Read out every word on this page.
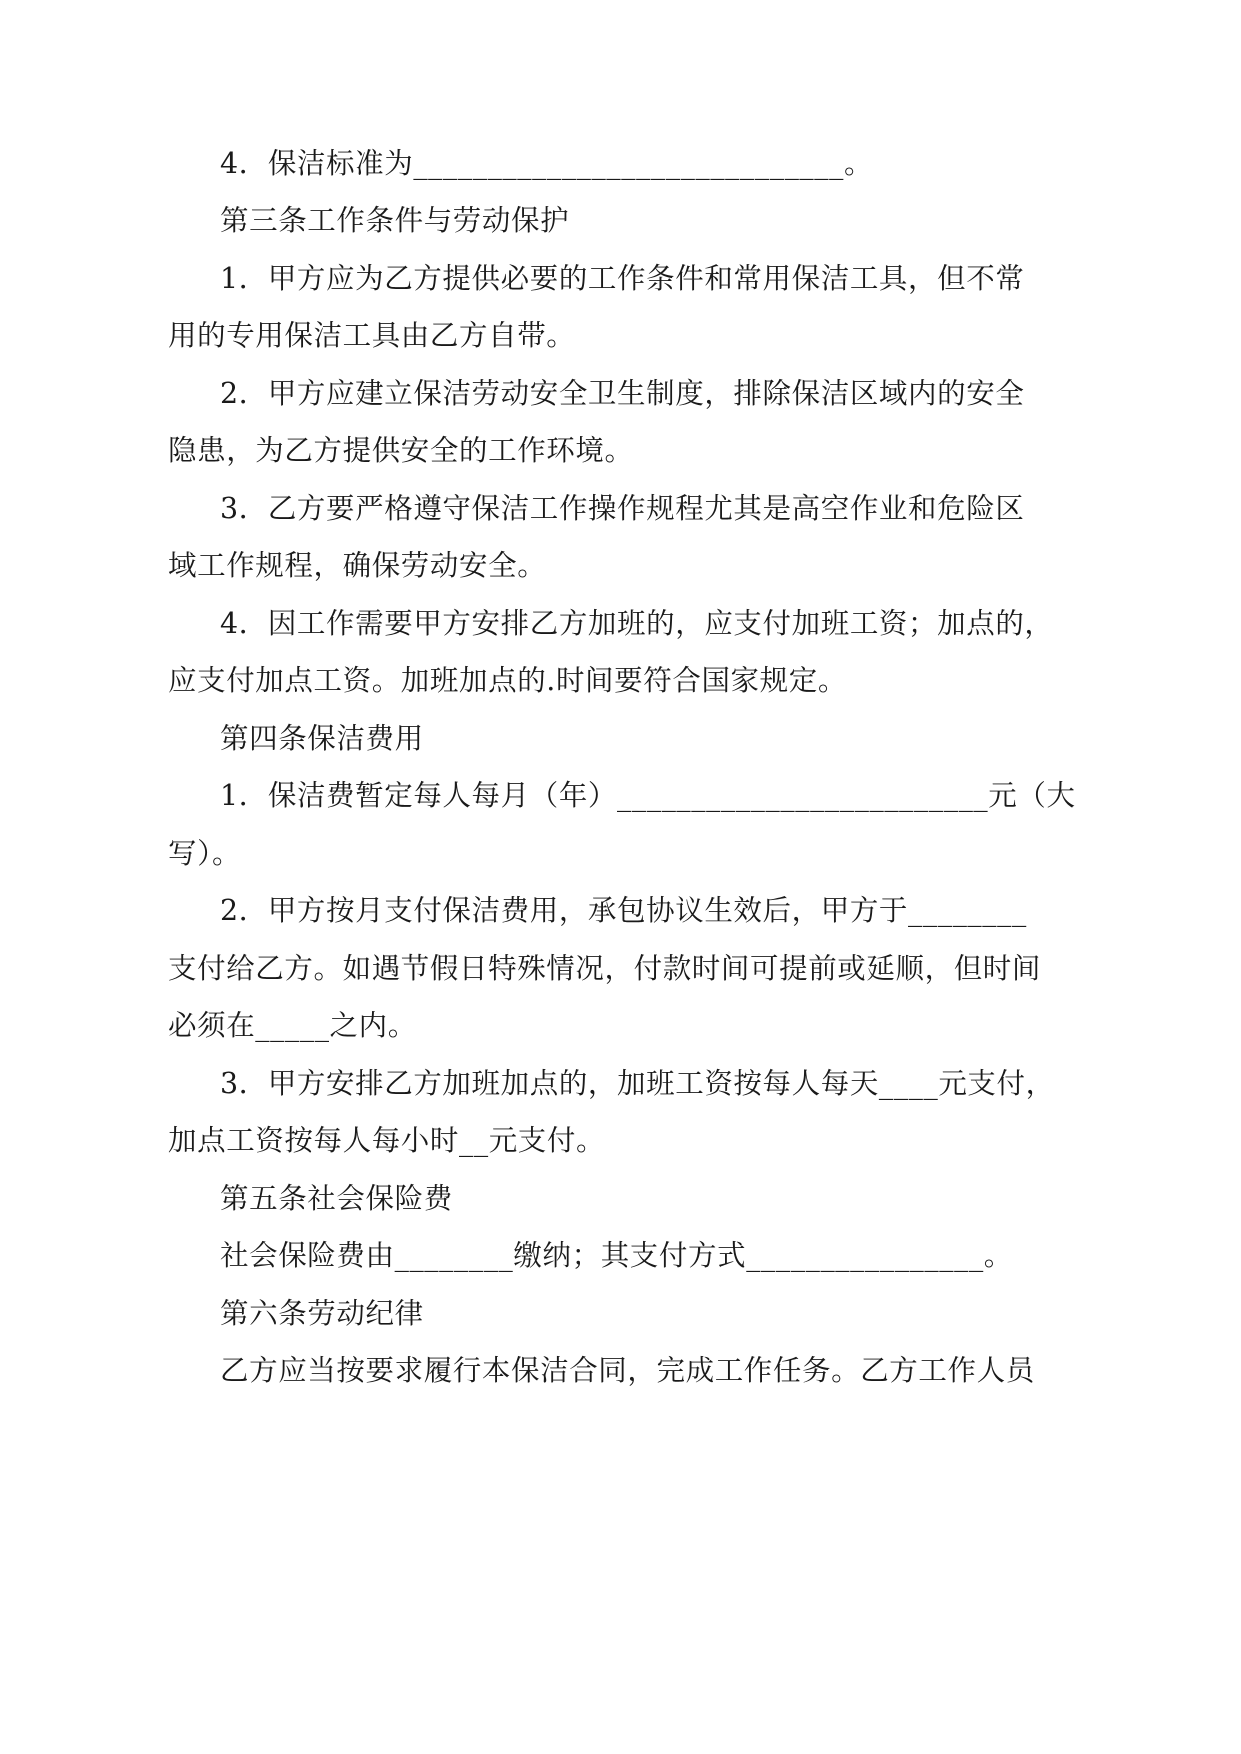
4．保洁标准为_____________________________。
第三条工作条件与劳动保护
1．甲方应为乙方提供必要的工作条件和常用保洁工具，但不常
用的专用保洁工具由乙方自带。
2．甲方应建立保洁劳动安全卫生制度，排除保洁区域内的安全
隐患，为乙方提供安全的工作环境。
3．乙方要严格遵守保洁工作操作规程尤其是高空作业和危险区
域工作规程，确保劳动安全。
4．因工作需要甲方安排乙方加班的，应支付加班工资；加点的，
应支付加点工资。加班加点的.时间要符合国家规定。
第四条保洁费用
1．保洁费暂定每人每月（年）_________________________元（大
写）。
2．甲方按月支付保洁费用，承包协议生效后，甲方于________
支付给乙方。如遇节假日特殊情况，付款时间可提前或延顺，但时间
必须在_____之内。
3．甲方安排乙方加班加点的，加班工资按每人每天____元支付，
加点工资按每人每小时__元支付。
第五条社会保险费
社会保险费由________缴纳；其支付方式________________。
第六条劳动纪律
乙方应当按要求履行本保洁合同，完成工作任务。乙方工作人员
